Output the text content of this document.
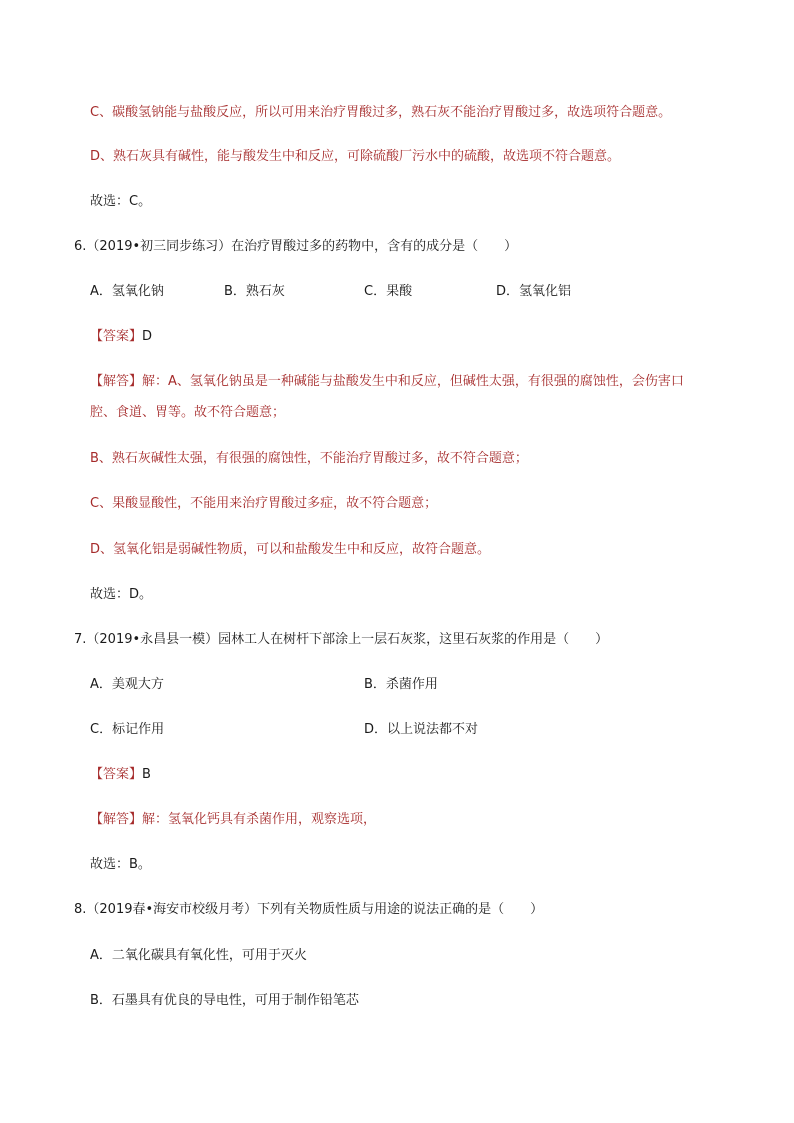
C、碳酸氢钠能与盐酸反应，所以可用来治疗胃酸过多，熟石灰不能治疗胃酸过多，故选项符合题意。
D、熟石灰具有碱性，能与酸发生中和反应，可除硫酸厂污水中的硫酸，故选项不符合题意。
故选：C。
6.（2019•初三同步练习）在治疗胃酸过多的药物中，含有的成分是（　　）
A．氢氧化钠	B．熟石灰	C．果酸	D．氢氧化铝
【答案】D
【解答】解：A、氢氧化钠虽是一种碱能与盐酸发生中和反应，但碱性太强，有很强的腐蚀性，会伤害口
腔、食道、胃等。故不符合题意；
B、熟石灰碱性太强，有很强的腐蚀性，不能治疗胃酸过多，故不符合题意；
C、果酸显酸性，不能用来治疗胃酸过多症，故不符合题意；
D、氢氧化铝是弱碱性物质，可以和盐酸发生中和反应，故符合题意。
故选：D。
7.（2019•永昌县一模）园林工人在树杆下部涂上一层石灰浆，这里石灰浆的作用是（　　）
A．美观大方	B．杀菌作用
C．标记作用	D．以上说法都不对
【答案】B
【解答】解：氢氧化钙具有杀菌作用，观察选项，
故选：B。
8.（2019春•海安市校级月考）下列有关物质性质与用途的说法正确的是（　　）
A．二氧化碳具有氧化性，可用于灭火
B．石墨具有优良的导电性，可用于制作铅笔芯
